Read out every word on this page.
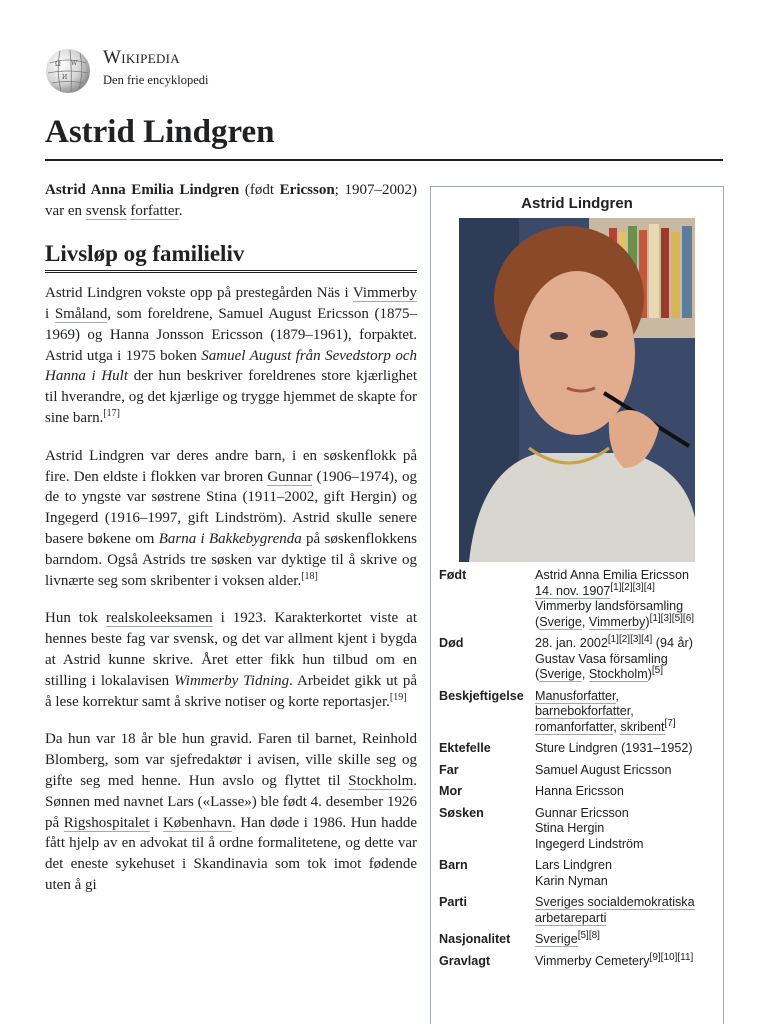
Ω W
И
Wikipedia
Den frie encyklopedi
Astrid Lindgren

Astrid Anna Emilia Lindgren (født Ericsson; 1907–2002) var en svensk forfatter.

Livsløp og familieliv

Astrid Lindgren vokste opp på prestegården Näs i Vimmerby i Småland, som foreldrene, Samuel August Ericsson (1875–1969) og Hanna Jonsson Ericsson (1879–1961), forpaktet. Astrid utga i 1975 boken Samuel August från Sevedstorp och Hanna i Hult der hun beskriver foreldrenes store kjærlighet til hverandre, og det kjærlige og trygge hjemmet de skapte for sine barn.[17]

Astrid Lindgren var deres andre barn, i en søskenflokk på fire. Den eldste i flokken var broren Gunnar (1906–1974), og de to yngste var søstrene Stina (1911–2002, gift Hergin) og Ingegerd (1916–1997, gift Lindström). Astrid skulle senere basere bøkene om Barna i Bakkebygrenda på søskenflokkens barndom. Også Astrids tre søsken var dyktige til å skrive og livnærte seg som skribenter i voksen alder.[18]

Hun tok realskoleeksamen i 1923. Karakterkortet viste at hennes beste fag var svensk, og det var allment kjent i bygda at Astrid kunne skrive. Året etter fikk hun tilbud om en stilling i lokalavisen Wimmerby Tidning. Arbeidet gikk ut på å lese korrektur samt å skrive notiser og korte reportasjer.[19]

Da hun var 18 år ble hun gravid. Faren til barnet, Reinhold Blomberg, som var sjefredaktør i avisen, ville skille seg og gifte seg med henne. Hun avslo og flyttet til Stockholm. Sønnen med navnet Lars («Lasse») ble født 4. desember 1926 på Rigshospitalet i København. Han døde i 1986. Hun hadde fått hjelp av en advokat til å ordne formalitetene, og dette var det eneste sykehuset i Skandinavia som tok imot fødende uten å gi

Astrid Lindgren
Født	Astrid Anna Emilia Ericsson
14. nov. 1907[1][2][3][4]
Vimmerby landsförsamling
(Sverige, Vimmerby)[1][3][5][6]

Død	28. jan. 2002[1][2][3][4] (94 år)
Gustav Vasa församling
(Sverige, Stockholm)[5]

Beskjeftigelse	Manusforfatter,
barnebokforfatter,
romanforfatter, skribent[7]

Ektefelle	Sture Lindgren (1931–1952)
Far	Samuel August Ericsson
Mor	Hanna Ericsson
Søsken	Gunnar Ericsson
Stina Hergin
Ingegerd Lindström

Barn	Lars Lindgren
Karin Nyman

Parti	Sveriges socialdemokratiska arbetareparti
Nasjonalitet	Sverige[5][8]
Gravlagt	Vimmerby Cemetery[9][10][11]
